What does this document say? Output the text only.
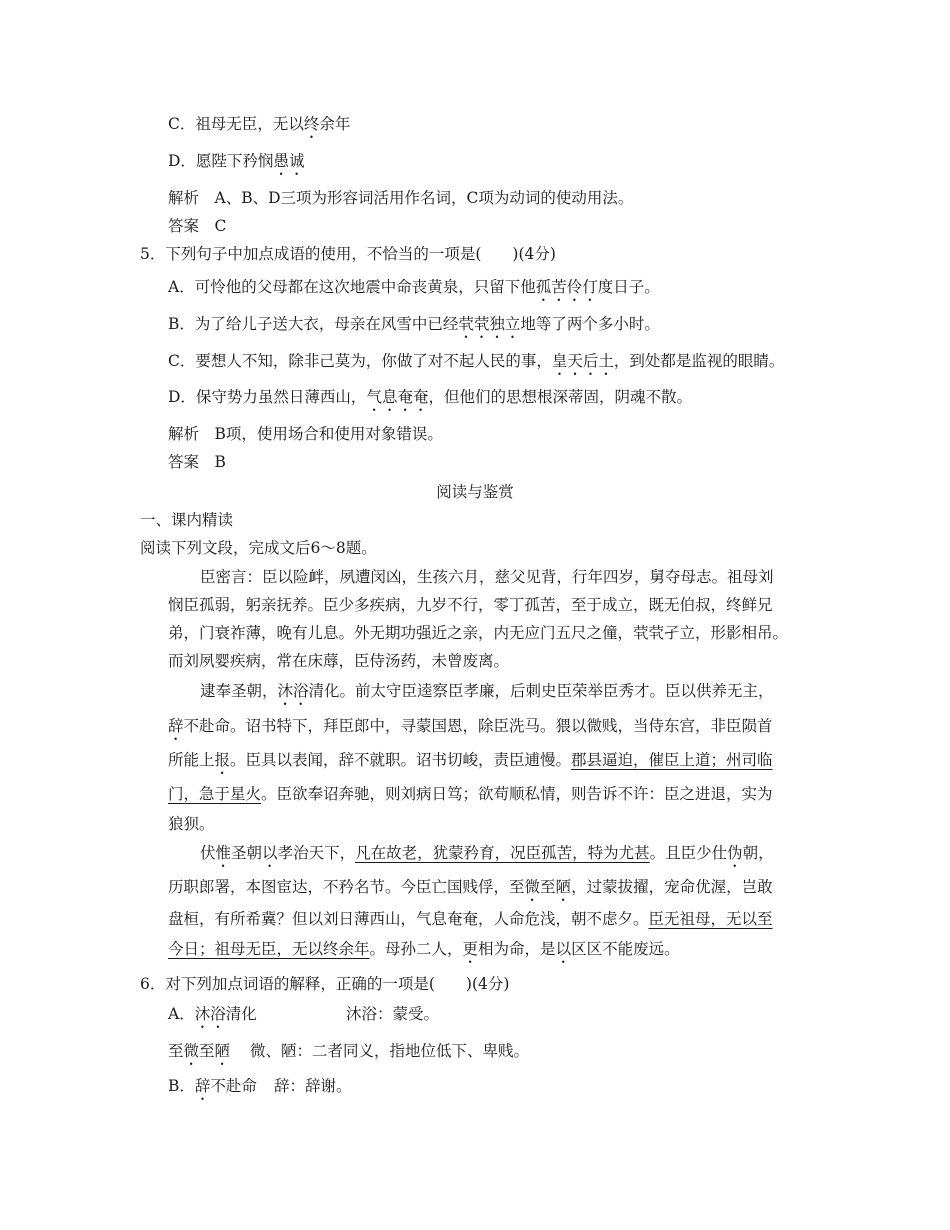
C．祖母无臣，无以终余年
D．愿陛下矜悯愚诚
解析　A、B、D三项为形容词活用作名词，C项为动词的使动用法。
答案　C
5．下列句子中加点成语的使用，不恰当的一项是(　　)(4分)
A．可怜他的父母都在这次地震中命丧黄泉，只留下他孤苦伶仃度日子。
B．为了给儿子送大衣，母亲在风雪中已经茕茕独立地等了两个多小时。
C．要想人不知，除非己莫为，你做了对不起人民的事，皇天后土，到处都是监视的眼睛。
D．保守势力虽然日薄西山，气息奄奄，但他们的思想根深蒂固，阴魂不散。
解析　B项，使用场合和使用对象错误。
答案　B
阅读与鉴赏
一、课内精读
阅读下列文段，完成文后6～8题。
臣密言：臣以险衅，夙遭闵凶，生孩六月，慈父见背，行年四岁，舅夺母志。祖母刘
悯臣孤弱，躬亲抚养。臣少多疾病，九岁不行，零丁孤苦，至于成立，既无伯叔，终鲜兄
弟，门衰祚薄，晚有儿息。外无期功强近之亲，内无应门五尺之僮，茕茕孑立，形影相吊。
而刘夙婴疾病，常在床蓐，臣侍汤药，未曾废离。
逮奉圣朝，沐浴清化。前太守臣逵察臣孝廉，后刺史臣荣举臣秀才。臣以供养无主，
辞不赴命。诏书特下，拜臣郎中，寻蒙国恩，除臣洗马。猥以微贱，当侍东宫，非臣陨首
所能上报。臣具以表闻，辞不就职。诏书切峻，责臣逋慢。郡县逼迫，催臣上道；州司临
门，急于星火。臣欲奉诏奔驰，则刘病日笃；欲苟顺私情，则告诉不许：臣之进退，实为
狼狈。
伏惟圣朝以孝治天下，凡在故老，犹蒙矜育，况臣孤苦，特为尤甚。且臣少仕伪朝，
历职郎署，本图宦达，不矜名节。今臣亡国贱俘，至微至陋，过蒙拔擢，宠命优渥，岂敢
盘桓，有所希冀？但以刘日薄西山，气息奄奄，人命危浅，朝不虑夕。臣无祖母，无以至
今日；祖母无臣，无以终余年。母孙二人，更相为命，是以区区不能废远。
6．对下列加点词语的解释，正确的一项是(　　)(4分)
A．沐浴清化	沐浴：蒙受。
至微至陋 微、陋：二者同义，指地位低下、卑贱。
B．辞不赴命 辞：辞谢。
